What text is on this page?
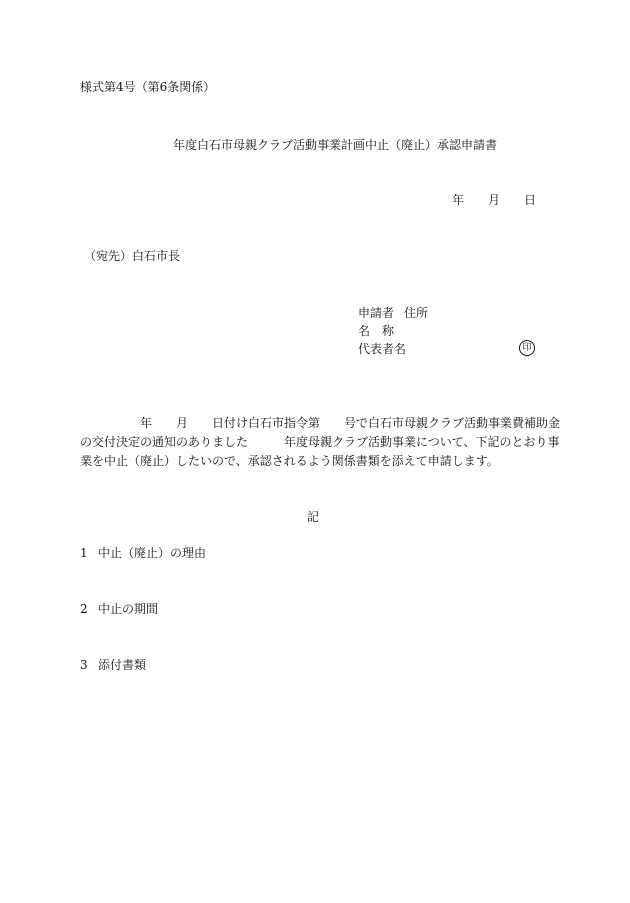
様式第4号（第6条関係）
年度白石市母親クラブ活動事業計画中止（廃止）承認申請書
年 月 日
（宛先）白石市長
申請者 住所
名　称
代表者名	印
　　　　　年　　月　　日付け白石市指令第　　号で白石市母親クラブ活動事業費補助金
の交付決定の通知のありました　　　年度母親クラブ活動事業について、下記のとおり事
業を中止（廃止）したいので、承認されるよう関係書類を添えて申請します。
記
1 中止（廃止）の理由
2 中止の期間
3 添付書類
